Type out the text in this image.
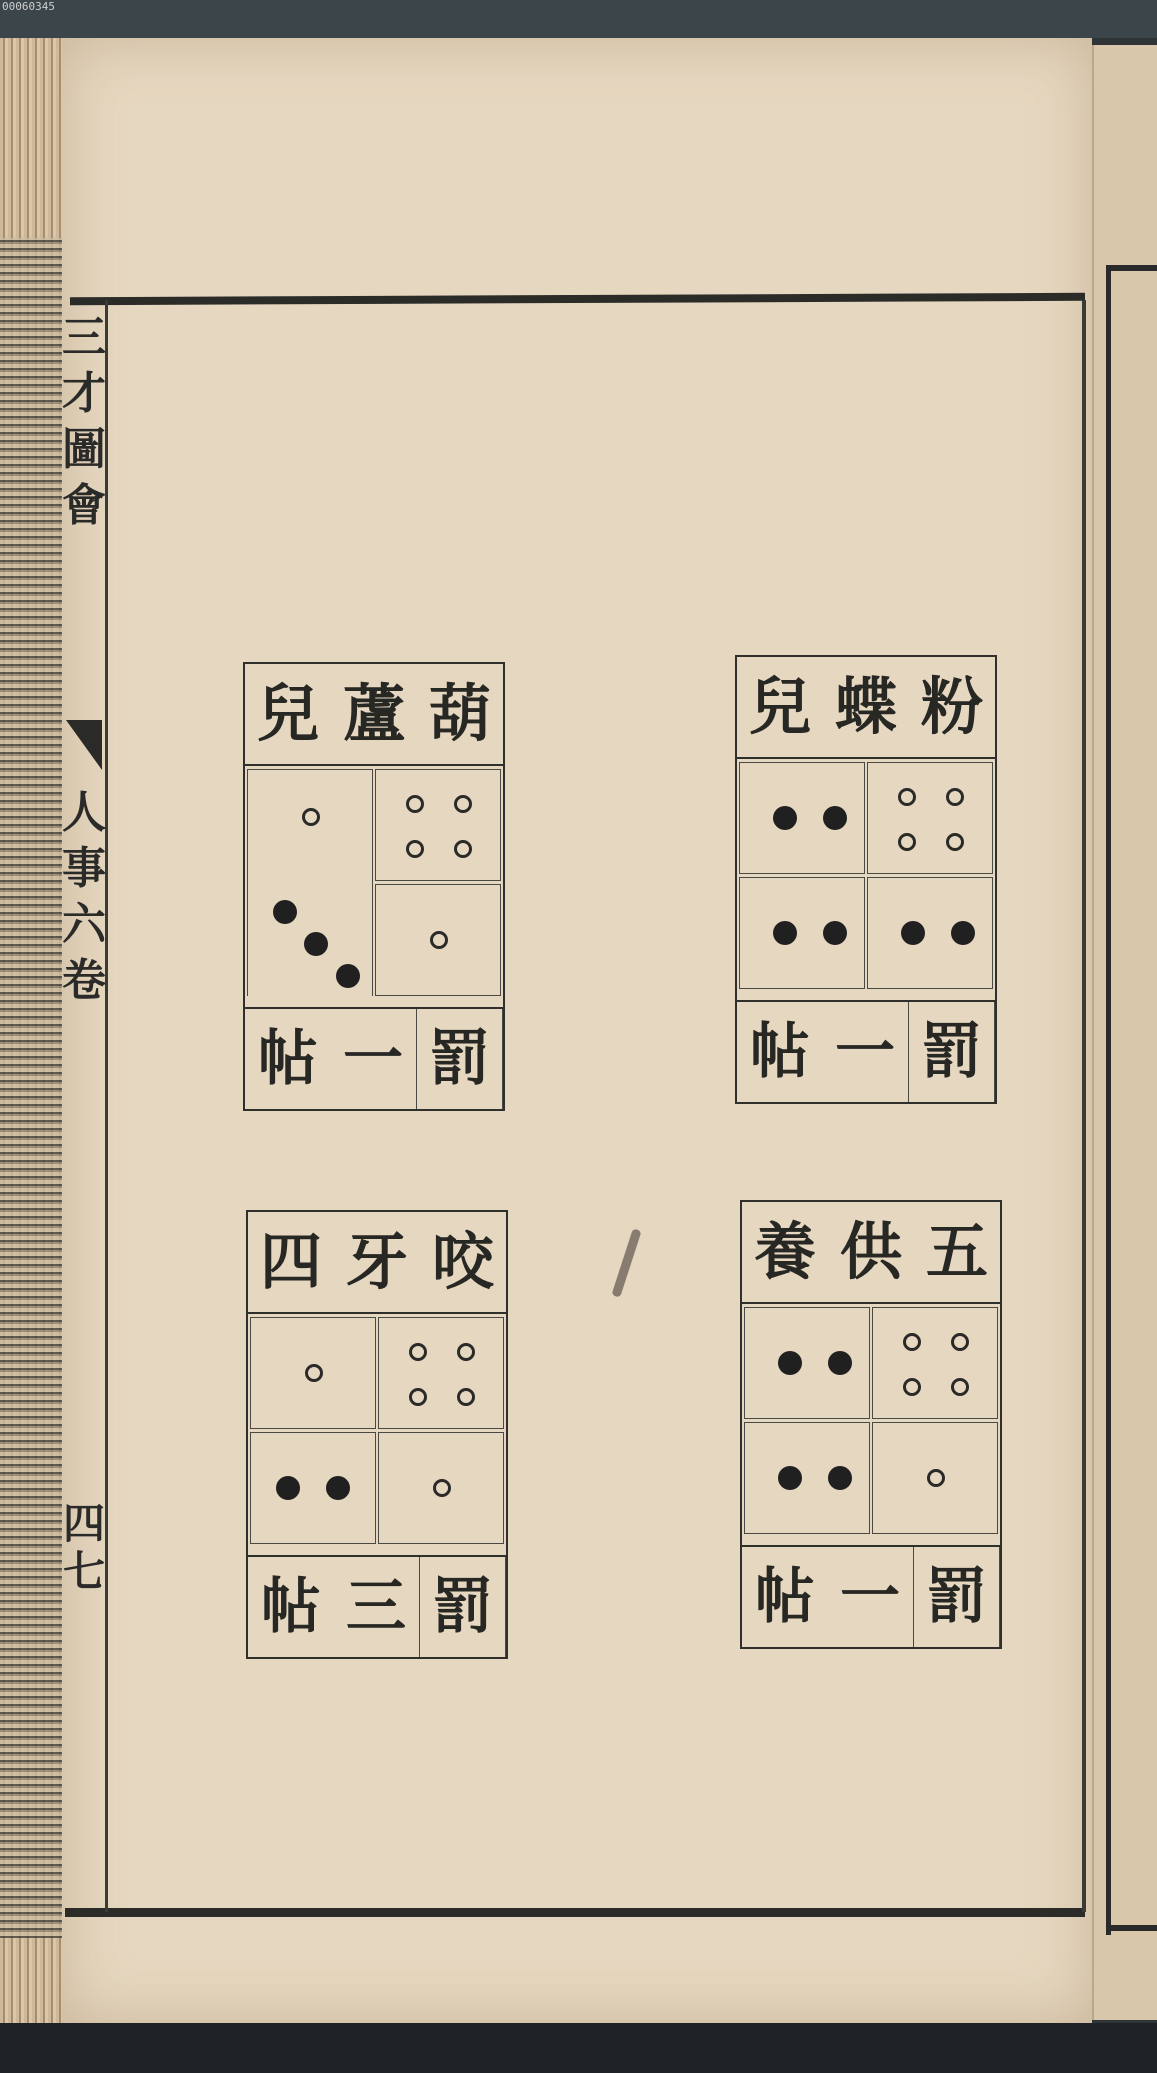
00060345
三
才
圖
會
人
事
六
卷
四七
粉
蝶
兒
罰
一
帖
葫
蘆
兒
罰
一
帖
五
供
養
罰
一
帖
咬
牙
四
罰
三
帖
